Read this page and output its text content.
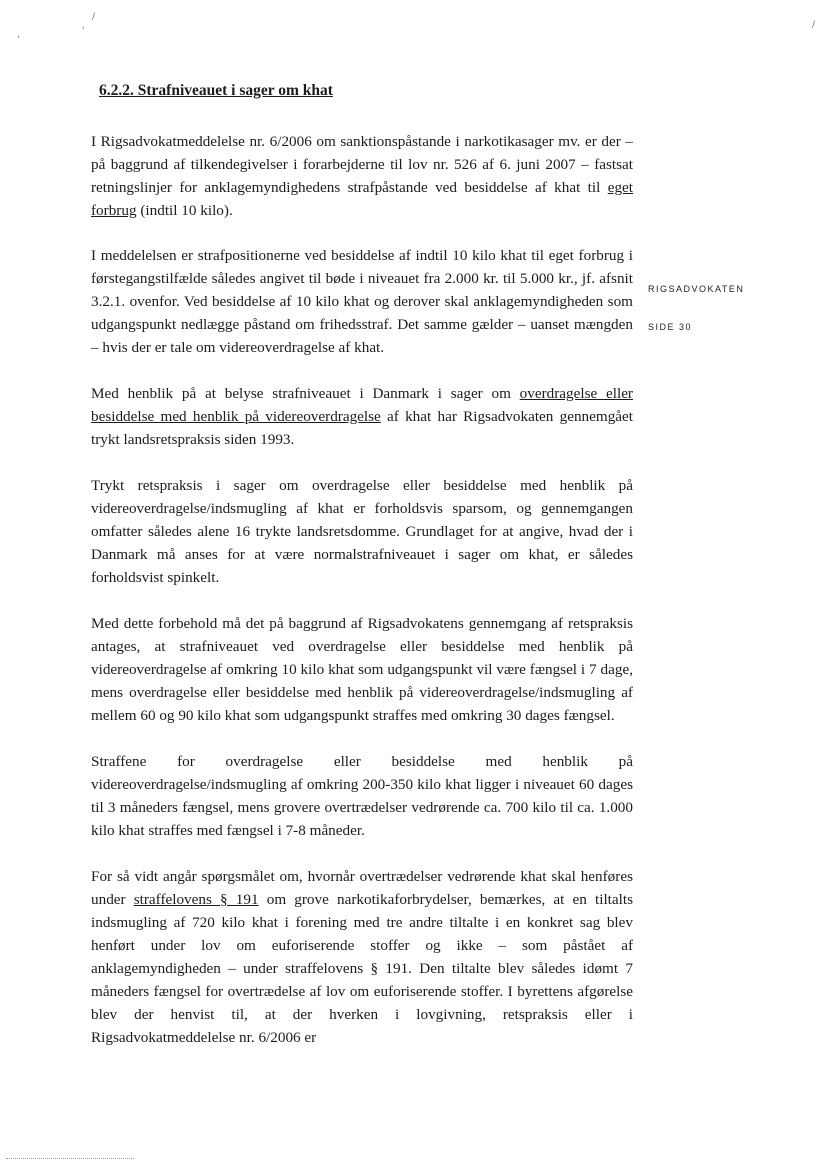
/
'
,
/
6.2.2. Strafniveauet i sager om khat

I Rigsadvokatmeddelelse nr. 6/2006 om sanktionspåstande i narkotikasager mv. er der – på baggrund af tilkendegivelser i forarbejderne til lov nr. 526 af 6. juni 2007 – fastsat retningslinjer for anklagemyndighedens strafpåstande ved besiddelse af khat til eget forbrug (indtil 10 kilo).

I meddelelsen er strafpositionerne ved besiddelse af indtil 10 kilo khat til eget forbrug i førstegangstilfælde således angivet til bøde i niveauet fra 2.000 kr. til 5.000 kr., jf. afsnit 3.2.1. ovenfor. Ved besiddelse af 10 kilo khat og derover skal anklagemyndigheden som udgangspunkt nedlægge påstand om frihedsstraf. Det samme gælder – uanset mængden – hvis der er tale om videreoverdragelse af khat.

Med henblik på at belyse strafniveauet i Danmark i sager om overdragelse eller besiddelse med henblik på videreoverdragelse af khat har Rigsadvokaten gennemgået trykt landsretspraksis siden 1993.

Trykt retspraksis i sager om overdragelse eller besiddelse med henblik på videreoverdragelse/indsmugling af khat er forholdsvis sparsom, og gennemgangen omfatter således alene 16 trykte landsretsdomme. Grundlaget for at angive, hvad der i Danmark må anses for at være normalstrafniveauet i sager om khat, er således forholdsvist spinkelt.

Med dette forbehold må det på baggrund af Rigsadvokatens gennemgang af retspraksis antages, at strafniveauet ved overdragelse eller besiddelse med henblik på videreoverdragelse af omkring 10 kilo khat som udgangspunkt vil være fængsel i 7 dage, mens overdragelse eller besiddelse med henblik på videreoverdragelse/indsmugling af mellem 60 og 90 kilo khat som udgangspunkt straffes med omkring 30 dages fængsel.

Straffene for overdragelse eller besiddelse med henblik på videreoverdragelse/indsmugling af omkring 200-350 kilo khat ligger i niveauet 60 dages til 3 måneders fængsel, mens grovere overtrædelser vedrørende ca. 700 kilo til ca. 1.000 kilo khat straffes med fængsel i 7-8 måneder.

For så vidt angår spørgsmålet om, hvornår overtrædelser vedrørende khat skal henføres under straffelovens § 191 om grove narkotikaforbrydelser, bemærkes, at en tiltalts indsmugling af 720 kilo khat i forening med tre andre tiltalte i en konkret sag blev henført under lov om euforiserende stoffer og ikke – som påstået af anklagemyndigheden – under straffelovens § 191. Den tiltalte blev således idømt 7 måneders fængsel for overtrædelse af lov om euforiserende stoffer. I byrettens afgørelse blev der henvist til, at der hverken i lovgivning, retspraksis eller i Rigsadvokatmeddelelse nr. 6/2006 er

RIGSADVOKATEN
SIDE 30
